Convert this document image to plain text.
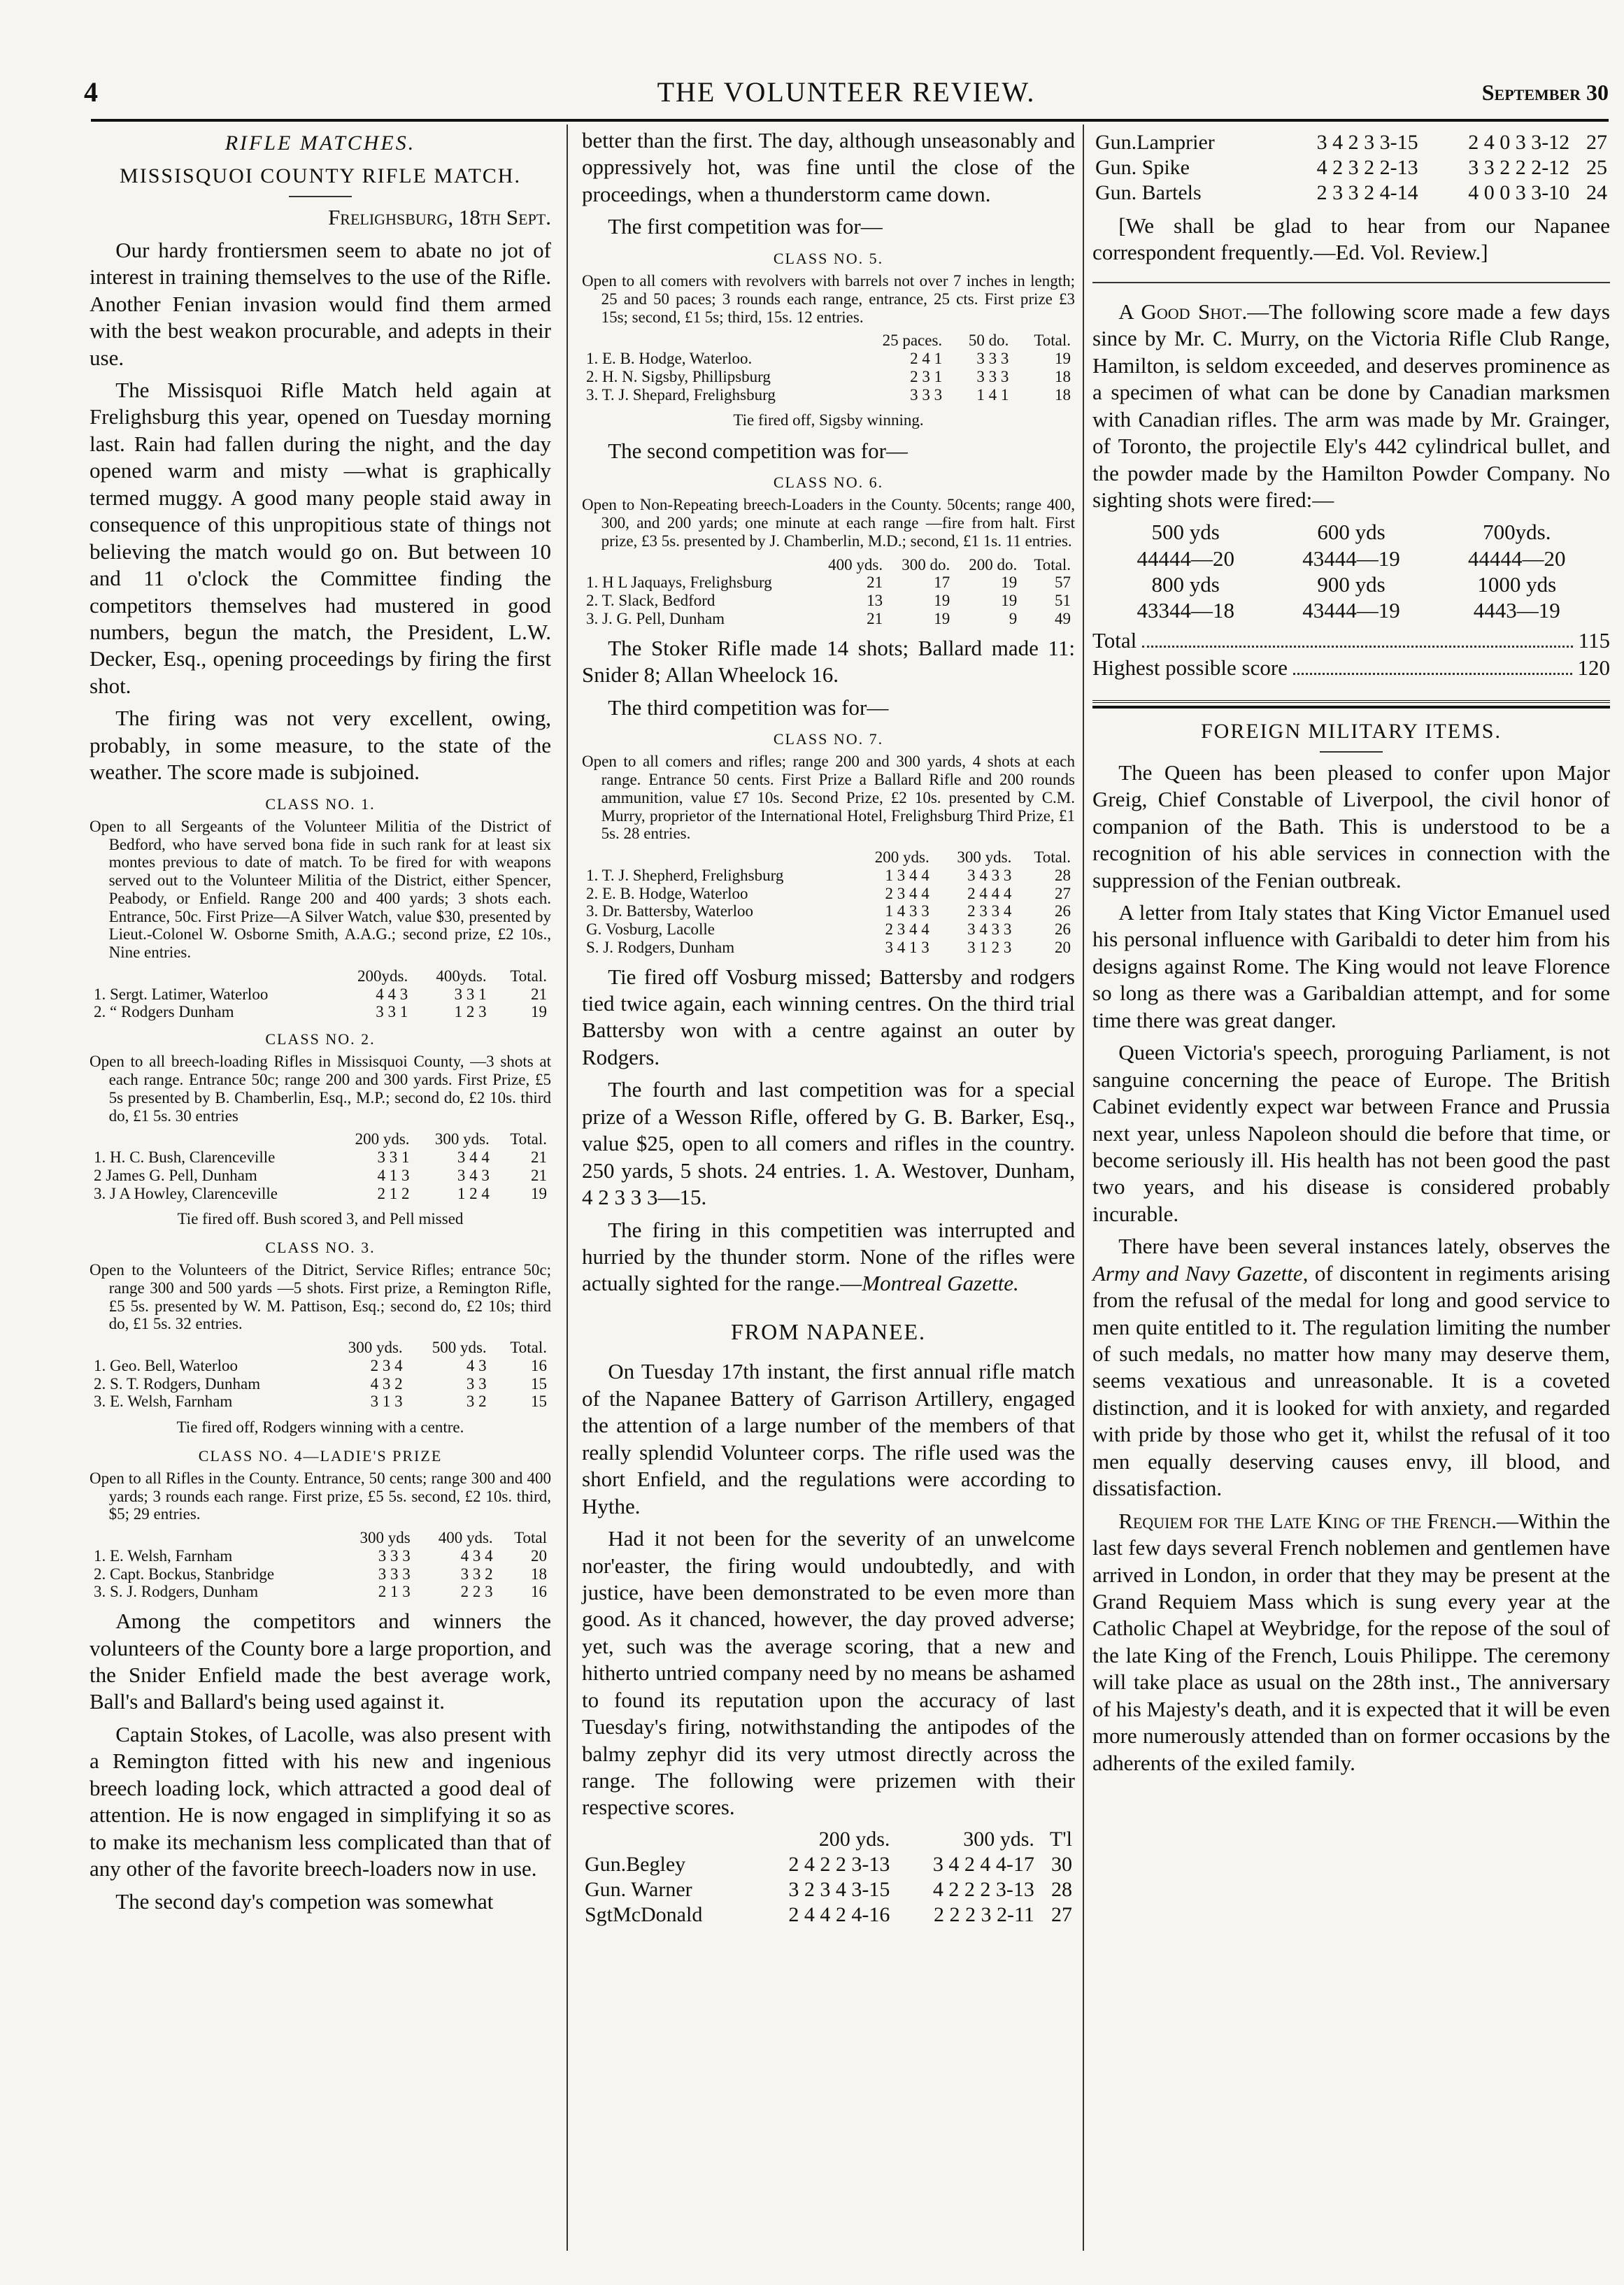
4	THE VOLUNTEER REVIEW.	September 30
RIFLE MATCHES.
MISSISQUOI COUNTY RIFLE MATCH.
Frelighsburg, 18th Sept.

Our hardy frontiersmen seem to abate no jot of interest in training themselves to the use of the Rifle. Another Fenian invasion would find them armed with the best weakon procurable, and adepts in their use.

The Missisquoi Rifle Match held again at Frelighsburg this year, opened on Tuesday morning last. Rain had fallen during the night, and the day opened warm and misty —what is graphically termed muggy. A good many people staid away in consequence of this unpropitious state of things not believing the match would go on. But between 10 and 11 o'clock the Committee finding the competitors themselves had mustered in good numbers, begun the match, the President, L.W. Decker, Esq., opening proceedings by firing the first shot.

The firing was not very excellent, owing, probably, in some measure, to the state of the weather. The score made is subjoined.

CLASS NO. 1.

Open to all Sergeants of the Volunteer Militia of the District of Bedford, who have served bona fide in such rank for at least six montes previous to date of match. To be fired for with weapons served out to the Volunteer Militia of the District, either Spencer, Peabody, or Enfield. Range 200 and 400 yards; 3 shots each. Entrance, 50c. First Prize—A Silver Watch, value $30, presented by Lieut.-Colonel W. Osborne Smith, A.A.G.; second prize, £2 10s., Nine entries.

	200yds.	400yds.	Total.
1. Sergt. Latimer, Waterloo	4 4 3	3 3 1	21
2. “ Rodgers Dunham	3 3 1	1 2 3	19
CLASS NO. 2.

Open to all breech-loading Rifles in Missisquoi County, —3 shots at each range. Entrance 50c; range 200 and 300 yards. First Prize, £5 5s presented by B. Chamberlin, Esq., M.P.; second do, £2 10s. third do, £1 5s. 30 entries

	200 yds.	300 yds.	Total.
1. H. C. Bush, Clarenceville	3 3 1	3 4 4	21
2 James G. Pell, Dunham	4 1 3	3 4 3	21
3. J A Howley, Clarenceville	2 1 2	1 2 4	19
Tie fired off. Bush scored 3, and Pell missed
CLASS NO. 3.

Open to the Volunteers of the Ditrict, Service Rifles; entrance 50c; range 300 and 500 yards —5 shots. First prize, a Remington Rifle, £5 5s. presented by W. M. Pattison, Esq.; second do, £2 10s; third do, £1 5s. 32 entries.

	300 yds.	500 yds.	Total.
1. Geo. Bell, Waterloo	2 3 4	4 3	16
2. S. T. Rodgers, Dunham	4 3 2	3 3	15
3. E. Welsh, Farnham	3 1 3	3 2	15
Tie fired off, Rodgers winning with a centre.
CLASS NO. 4—LADIE'S PRIZE

Open to all Rifles in the County. Entrance, 50 cents; range 300 and 400 yards; 3 rounds each range. First prize, £5 5s. second, £2 10s. third, $5; 29 entries.

	300 yds	400 yds.	Total
1. E. Welsh, Farnham	3 3 3	4 3 4	20
2. Capt. Bockus, Stanbridge	3 3 3	3 3 2	18
3. S. J. Rodgers, Dunham	2 1 3	2 2 3	16

Among the competitors and winners the volunteers of the County bore a large proportion, and the Snider Enfield made the best average work, Ball's and Ballard's being used against it.

Captain Stokes, of Lacolle, was also present with a Remington fitted with his new and ingenious breech loading lock, which attracted a good deal of attention. He is now engaged in simplifying it so as to make its mechanism less complicated than that of any other of the favorite breech-loaders now in use.

The second day's competion was somewhat

better than the first. The day, although unseasonably and oppressively hot, was fine until the close of the proceedings, when a thunderstorm came down.

The first competition was for—

CLASS NO. 5.

Open to all comers with revolvers with barrels not over 7 inches in length; 25 and 50 paces; 3 rounds each range, entrance, 25 cts. First prize £3 15s; second, £1 5s; third, 15s. 12 entries.

	25 paces.	50 do.	Total.
1. E. B. Hodge, Waterloo.	2 4 1	3 3 3	19
2. H. N. Sigsby, Phillipsburg	2 3 1	3 3 3	18
3. T. J. Shepard, Frelighsburg	3 3 3	1 4 1	18
Tie fired off, Sigsby winning.

The second competition was for—

CLASS NO. 6.

Open to Non-Repeating breech-Loaders in the County. 50cents; range 400, 300, and 200 yards; one minute at each range —fire from halt. First prize, £3 5s. presented by J. Chamberlin, M.D.; second, £1 1s. 11 entries.

	400 yds.	300 do.	200 do.	Total.
1. H L Jaquays, Frelighsburg	21	17	19	57
2. T. Slack, Bedford	13	19	19	51
3. J. G. Pell, Dunham	21	19	9	49

The Stoker Rifle made 14 shots; Ballard made 11: Snider 8; Allan Wheelock 16.

The third competition was for—

CLASS NO. 7.

Open to all comers and rifles; range 200 and 300 yards, 4 shots at each range. Entrance 50 cents. First Prize a Ballard Rifle and 200 rounds ammunition, value £7 10s. Second Prize, £2 10s. presented by C.M. Murry, proprietor of the International Hotel, Frelighsburg Third Prize, £1 5s. 28 entries.

	200 yds.	300 yds.	Total.
1. T. J. Shepherd, Frelighsburg	1 3 4 4	3 4 3 3	28
2. E. B. Hodge, Waterloo	2 3 4 4	2 4 4 4	27
3. Dr. Battersby, Waterloo	1 4 3 3	2 3 3 4	26
G. Vosburg, Lacolle	2 3 4 4	3 4 3 3	26
S. J. Rodgers, Dunham	3 4 1 3	3 1 2 3	20

Tie fired off Vosburg missed; Battersby and rodgers tied twice again, each winning centres. On the third trial Battersby won with a centre against an outer by Rodgers.

The fourth and last competition was for a special prize of a Wesson Rifle, offered by G. B. Barker, Esq., value $25, open to all comers and rifles in the country. 250 yards, 5 shots. 24 entries. 1. A. Westover, Dunham, 4 2 3 3 3—15.

The firing in this competitien was interrupted and hurried by the thunder storm. None of the rifles were actually sighted for the range.—Montreal Gazette.

FROM NAPANEE.

On Tuesday 17th instant, the first annual rifle match of the Napanee Battery of Garrison Artillery, engaged the attention of a large number of the members of that really splendid Volunteer corps. The rifle used was the short Enfield, and the regulations were according to Hythe.

Had it not been for the severity of an unwelcome nor'easter, the firing would undoubtedly, and with justice, have been demonstrated to be even more than good. As it chanced, however, the day proved adverse; yet, such was the average scoring, that a new and hitherto untried company need by no means be ashamed to found its reputation upon the accuracy of last Tuesday's firing, notwithstanding the antipodes of the balmy zephyr did its very utmost directly across the range. The following were prizemen with their respective scores.

	200 yds.	300 yds.	T'l
Gun.Begley	2 4 2 2 3-13	3 4 2 4 4-17	30
Gun. Warner	3 2 3 4 3-15	4 2 2 2 3-13	28
SgtMcDonald	2 4 4 2 4-16	2 2 2 3 2-11	27
Gun.Lamprier	3 4 2 3 3-15	2 4 0 3 3-12	27
Gun. Spike	4 2 3 2 2-13	3 3 2 2 2-12	25
Gun. Bartels	2 3 3 2 4-14	4 0 0 3 3-10	24

[We shall be glad to hear from our Napanee correspondent frequently.—Ed. Vol. Review.]

A Good Shot.—The following score made a few days since by Mr. C. Murry, on the Victoria Rifle Club Range, Hamilton, is seldom exceeded, and deserves prominence as a specimen of what can be done by Canadian marksmen with Canadian rifles. The arm was made by Mr. Grainger, of Toronto, the projectile Ely's 442 cylindrical bullet, and the powder made by the Hamilton Powder Company. No sighting shots were fired:—

500 yds	600 yds	700yds.
44444—20	43444—19	44444—20
800 yds	900 yds	1000 yds
43344—18	43444—19	4443—19
Total	115
Highest possible score	120
FOREIGN MILITARY ITEMS.

The Queen has been pleased to confer upon Major Greig, Chief Constable of Liverpool, the civil honor of companion of the Bath. This is understood to be a recognition of his able services in connection with the suppression of the Fenian outbreak.

A letter from Italy states that King Victor Emanuel used his personal influence with Garibaldi to deter him from his designs against Rome. The King would not leave Florence so long as there was a Garibaldian attempt, and for some time there was great danger.

Queen Victoria's speech, proroguing Parliament, is not sanguine concerning the peace of Europe. The British Cabinet evidently expect war between France and Prussia next year, unless Napoleon should die before that time, or become seriously ill. His health has not been good the past two years, and his disease is considered probably incurable.

There have been several instances lately, observes the Army and Navy Gazette, of discontent in regiments arising from the refusal of the medal for long and good service to men quite entitled to it. The regulation limiting the number of such medals, no matter how many may deserve them, seems vexatious and unreasonable. It is a coveted distinction, and it is looked for with anxiety, and regarded with pride by those who get it, whilst the refusal of it too men equally deserving causes envy, ill blood, and dissatisfaction.

Requiem for the Late King of the French.—Within the last few days several French noblemen and gentlemen have arrived in London, in order that they may be present at the Grand Requiem Mass which is sung every year at the Catholic Chapel at Weybridge, for the repose of the soul of the late King of the French, Louis Philippe. The ceremony will take place as usual on the 28th inst., The anniversary of his Majesty's death, and it is expected that it will be even more numerously attended than on former occasions by the adherents of the exiled family.
